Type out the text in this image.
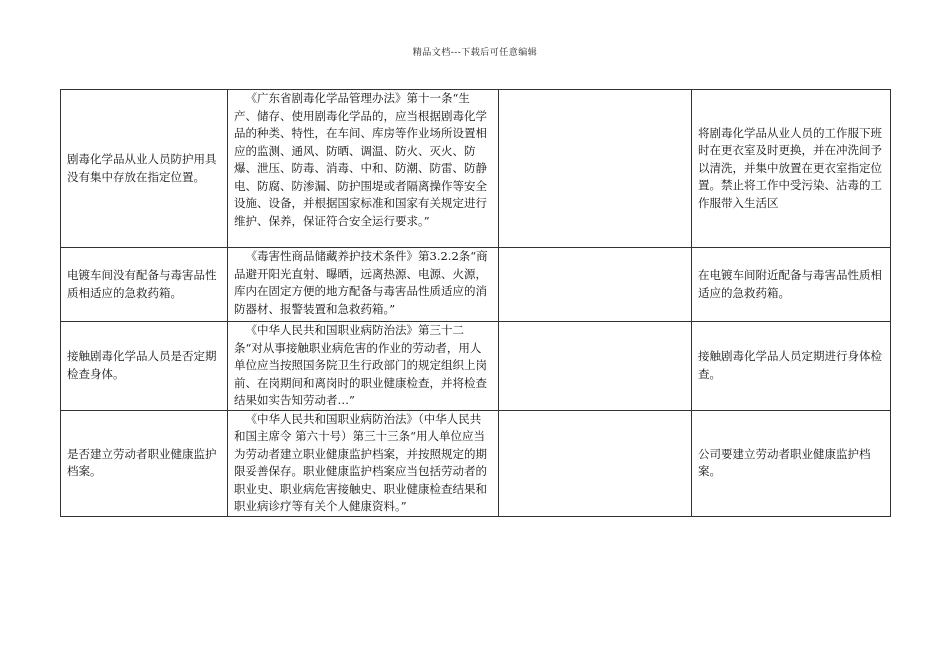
精品文档---下载后可任意编辑
剧毒化学品从业人员防护用具没有集中存放在指定位置。	《广东省剧毒化学品管理办法》第十一条“生产、储存、使用剧毒化学品的，应当根据剧毒化学品的种类、特性，在车间、库房等作业场所设置相应的监测、通风、防晒、调温、防火、灭火、防爆、泄压、防毒、消毒、中和、防潮、防雷、防静电、防腐、防渗漏、防护围堤或者隔离操作等安全设施、设备，并根据国家标准和国家有关规定进行维护、保养，保证符合安全运行要求。”		将剧毒化学品从业人员的工作服下班时在更衣室及时更换，并在冲洗间予以清洗，并集中放置在更衣室指定位置。禁止将工作中受污染、沾毒的工作服带入生活区
电镀车间没有配备与毒害品性质相适应的急救药箱。	《毒害性商品储藏养护技术条件》第3.2.2条“商品避开阳光直射、曝晒，远离热源、电源、火源，库内在固定方便的地方配备与毒害品性质适应的消防器材、报警装置和急救药箱。”		在电镀车间附近配备与毒害品性质相适应的急救药箱。
接触剧毒化学品人员是否定期检查身体。	《中华人民共和国职业病防治法》第三十二条“对从事接触职业病危害的作业的劳动者，用人单位应当按照国务院卫生行政部门的规定组织上岗前、在岗期间和离岗时的职业健康检查，并将检查结果如实告知劳动者…”		接触剧毒化学品人员定期进行身体检查。
是否建立劳动者职业健康监护档案。	《中华人民共和国职业病防治法》（中华人民共和国主席令 第六十号）第三十三条“用人单位应当为劳动者建立职业健康监护档案，并按照规定的期限妥善保存。职业健康监护档案应当包括劳动者的职业史、职业病危害接触史、职业健康检查结果和职业病诊疗等有关个人健康资料。”		公司要建立劳动者职业健康监护档案。
